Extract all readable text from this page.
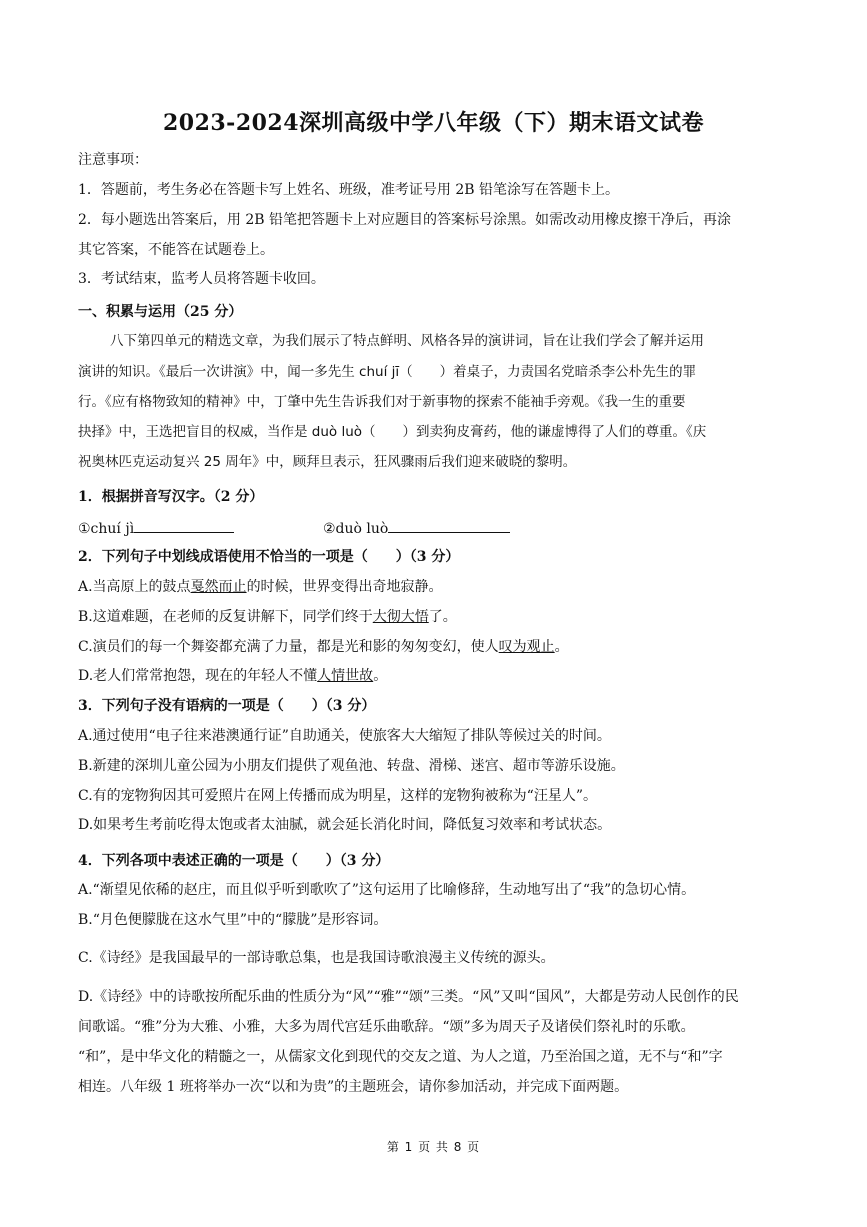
2023-2024深圳高级中学八年级（下）期末语文试卷
注意事项：
1．答题前，考生务必在答题卡写上姓名、班级，准考证号用 2B 铅笔涂写在答题卡上。
2．每小题选出答案后，用 2B 铅笔把答题卡上对应题目的答案标号涂黑。如需改动用橡皮擦干净后，再涂
其它答案，不能答在试题卷上。
3．考试结束，监考人员将答题卡收回。
一、积累与运用（25 分）
八下第四单元的精选文章，为我们展示了特点鲜明、风格各异的演讲词，旨在让我们学会了解并运用
演讲的知识。《最后一次讲演》中，闻一多先生 chuí jī（　　）着桌子，力责国名党暗杀李公朴先生的罪
行。《应有格物致知的精神》中，丁肇中先生告诉我们对于新事物的探索不能袖手旁观。《我一生的重要
抉择》中，王选把盲目的权威，当作是 duò luò（　　）到卖狗皮膏药，他的谦虚博得了人们的尊重。《庆
祝奥林匹克运动复兴 25 周年》中，顾拜旦表示，狂风骤雨后我们迎来破晓的黎明。
1．根据拼音写汉字。（2 分）
①chuí jì	②duò luò
2．下列句子中划线成语使用不恰当的一项是（　　）（3 分）
A.当高原上的鼓点戛然而止的时候，世界变得出奇地寂静。
B.这道难题，在老师的反复讲解下，同学们终于大彻大悟了。
C.演员们的每一个舞姿都充满了力量，都是光和影的匆匆变幻，使人叹为观止。
D.老人们常常抱怨，现在的年轻人不懂人情世故。
3．下列句子没有语病的一项是（　　）（3 分）
A.通过使用“电子往来港澳通行证”自助通关，使旅客大大缩短了排队等候过关的时间。
B.新建的深圳儿童公园为小朋友们提供了观鱼池、转盘、滑梯、迷宫、超市等游乐设施。
C.有的宠物狗因其可爱照片在网上传播而成为明星，这样的宠物狗被称为“汪星人”。
D.如果考生考前吃得太饱或者太油腻，就会延长消化时间，降低复习效率和考试状态。
4．下列各项中表述正确的一项是（　　）（3 分）
A.“渐望见依稀的赵庄，而且似乎听到歌吹了”这句运用了比喻修辞，生动地写出了“我”的急切心情。
B.“月色便朦胧在这水气里”中的“朦胧”是形容词。
C.《诗经》是我国最早的一部诗歌总集，也是我国诗歌浪漫主义传统的源头。
D.《诗经》中的诗歌按所配乐曲的性质分为“风”“雅”“颂”三类。“风”又叫“国风”，大都是劳动人民创作的民
间歌谣。“雅”分为大雅、小雅，大多为周代宫廷乐曲歌辞。“颂”多为周天子及诸侯们祭礼时的乐歌。
“和”，是中华文化的精髓之一，从儒家文化到现代的交友之道、为人之道，乃至治国之道，无不与“和”字
相连。八年级 1 班将举办一次“以和为贵”的主题班会，请你参加活动，并完成下面两题。
第 1 页 共 8 页
